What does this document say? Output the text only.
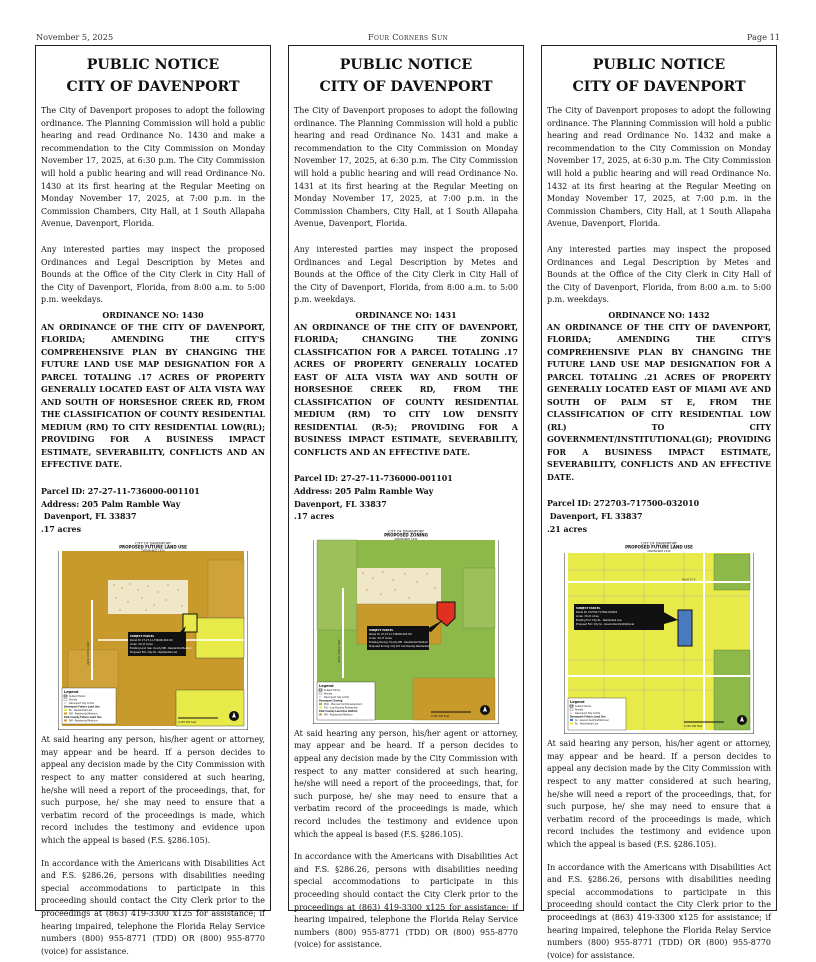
November 5, 2025	Four Corners Sun	Page 11
PUBLIC NOTICE
CITY OF DAVENPORT

The City of Davenport proposes to adopt the following ordinance. The Planning Commission will hold a public hearing and read Ordinance No. 1430 and make a recommendation to the City Commission on Monday November 17, 2025, at 6:30 p.m. The City Commission will hold a public hearing and will read Ordinance No. 1430 at its first hearing at the Regular Meeting on Monday November 17, 2025, at 7:00 p.m. in the Commission Chambers, City Hall, at 1 South Allapaha Avenue, Davenport, Florida.

Any interested parties may inspect the proposed Ordinances and Legal Description by Metes and Bounds at the Office of the City Clerk in City Hall of the City of Davenport, Florida, from 8:00 a.m. to 5:00 p.m. weekdays.

ORDINANCE NO: 1430

AN ORDINANCE OF THE CITY OF DAVENPORT, FLORIDA; AMENDING THE CITY'S COMPREHENSIVE PLAN BY CHANGING THE FUTURE LAND USE MAP DESIGNATION FOR A PARCEL TOTALING .17 ACRES OF PROPERTY GENERALLY LOCATED EAST OF ALTA VISTA WAY AND SOUTH OF HORSESHOE CREEK RD, FROM THE CLASSIFICATION OF COUNTY RESIDENTIAL MEDIUM (RM) TO CITY RESIDENTIAL LOW(RL); PROVIDING FOR A BUSINESS IMPACT ESTIMATE, SEVERABILITY, CONFLICTS AND AN EFFECTIVE DATE.

Parcel ID: 27-27-11-736000-001101
Address: 205 Palm Ramble Way
Davenport, FL 33837
.17 acres
CITY OF DAVENPORT
PROPOSED FUTURE LAND USE
ORDINANCE 1430
ALTA VISTA WAY
SUBJECT PARCEL
Parcel ID: 27-27-11-736000-001101
Acres: ±0.17 Acres
Existing Land Use: County RM - Residential Medium
Proposed FLU: City RL - Residential Low
Legend
Subject Parcel
Parcels
Davenport City Limits
Davenport Future Land Use
RL - Residential Low
RM - Residential Medium
Polk County Future Land Use
RM - Residential Medium	0 250 500 Feet

At said hearing any person, his/her agent or attorney, may appear and be heard. If a person decides to appeal any decision made by the City Commission with respect to any matter considered at such hearing, he/she will need a report of the proceedings, that, for such purpose, he/ she may need to ensure that a verbatim record of the proceedings is made, which record includes the testimony and evidence upon which the appeal is based (F.S. §286.105).

In accordance with the Americans with Disabilities Act and F.S. §286.26, persons with disabilities needing special accommodations to participate in this proceeding should contact the City Clerk prior to the proceedings at (863) 419-3300 x125 for assistance; if hearing impaired, telephone the Florida Relay Service numbers (800) 955-8771 (TDD) OR (800) 955-8770 (voice) for assistance.

PUBLIC NOTICE
CITY OF DAVENPORT

The City of Davenport proposes to adopt the following ordinance. The Planning Commission will hold a public hearing and read Ordinance No. 1431 and make a recommendation to the City Commission on Monday November 17, 2025, at 6:30 p.m. The City Commission will hold a public hearing and will read Ordinance No. 1431 at its first hearing at the Regular Meeting on Monday November 17, 2025, at 7:00 p.m. in the Commission Chambers, City Hall, at 1 South Allapaha Avenue, Davenport, Florida.

Any interested parties may inspect the proposed Ordinances and Legal Description by Metes and Bounds at the Office of the City Clerk in City Hall of the City of Davenport, Florida, from 8:00 a.m. to 5:00 p.m. weekdays.

ORDINANCE NO: 1431

AN ORDINANCE OF THE CITY OF DAVENPORT, FLORIDA; CHANGING THE ZONING CLASSIFICATION FOR A PARCEL TOTALING .17 ACRES OF PROPERTY GENERALLY LOCATED EAST OF ALTA VISTA WAY AND SOUTH OF HORSESHOE CREEK RD, FROM THE CLASSIFICATION OF COUNTY RESIDENTIAL MEDIUM (RM) TO CITY LOW DENSITY RESIDENTIAL (R-5); PROVIDING FOR A BUSINESS IMPACT ESTIMATE, SEVERABILITY, CONFLICTS AND AN EFFECTIVE DATE.

Parcel ID: 27-27-11-736000-001101
Address: 205 Palm Ramble Way
Davenport, FL 33837
.17 acres
CITY OF DAVENPORT
PROPOSED ZONING
ORDINANCE 1431
ALTA VISTA WAY
SUBJECT PARCEL
Parcel ID: 27-27-11-736000-001101
Acres: ±0.17 Acres
Existing Zoning: County RM - Residential Medium
Proposed Zoning: City R-5 Low Density Residential
Legend
Subject Parcel
Parcels
Davenport City Limits
Davenport Zoning
PUD - Planned Unit Development
R-5 - Low Density Residential
Polk County Land Use District
RM - Residential Medium	0 250 500 Feet

At said hearing any person, his/her agent or attorney, may appear and be heard. If a person decides to appeal any decision made by the City Commission with respect to any matter considered at such hearing, he/she will need a report of the proceedings, that, for such purpose, he/ she may need to ensure that a verbatim record of the proceedings is made, which record includes the testimony and evidence upon which the appeal is based (F.S. §286.105).

In accordance with the Americans with Disabilities Act and F.S. §286.26, persons with disabilities needing special accommodations to participate in this proceeding should contact the City Clerk prior to the proceedings at (863) 419-3300 x125 for assistance; if hearing impaired, telephone the Florida Relay Service numbers (800) 955-8771 (TDD) OR (800) 955-8770 (voice) for assistance.

PUBLIC NOTICE
CITY OF DAVENPORT

The City of Davenport proposes to adopt the following ordinance. The Planning Commission will hold a public hearing and read Ordinance No. 1432 and make a recommendation to the City Commission on Monday November 17, 2025, at 6:30 p.m. The City Commission will hold a public hearing and will read Ordinance No. 1432 at its first hearing at the Regular Meeting on Monday November 17, 2025, at 7:00 p.m. in the Commission Chambers, City Hall, at 1 South Allapaha Avenue, Davenport, Florida.

Any interested parties may inspect the proposed Ordinances and Legal Description by Metes and Bounds at the Office of the City Clerk in City Hall of the City of Davenport, Florida, from 8:00 a.m. to 5:00 p.m. weekdays.

ORDINANCE NO: 1432

AN ORDINANCE OF THE CITY OF DAVENPORT, FLORIDA; AMENDING THE CITY'S COMPREHENSIVE PLAN BY CHANGING THE FUTURE LAND USE MAP DESIGNATION FOR A PARCEL TOTALING .21 ACRES OF PROPERTY GENERALLY LOCATED EAST OF MIAMI AVE AND SOUTH OF PALM ST E, FROM THE CLASSIFICATION OF CITY RESIDENTIAL LOW (RL) TO CITY GOVERNMENT/INSTITUTIONAL(GI); PROVIDING FOR A BUSINESS IMPACT ESTIMATE, SEVERABILITY, CONFLICTS AND AN EFFECTIVE DATE.

Parcel ID: 272703-717500-032010
Davenport, FL 33837
.21 acres
CITY OF DAVENPORT
PROPOSED FUTURE LAND USE
ORDINANCE 1432
PALM ST E
SUBJECT PARCEL
Parcel ID: 272703-717500-032010
Acres: ±0.21 Acres
Existing FLU: City RL - Residential Low
Proposed FLU: City GI - Government/Institutional
Legend
Subject Parcel
Parcels
Davenport City Limits
Davenport Future Land Use
GI - Government/Institutional
RL - Residential Low
0 250 500 Feet

At said hearing any person, his/her agent or attorney, may appear and be heard. If a person decides to appeal any decision made by the City Commission with respect to any matter considered at such hearing, he/she will need a report of the proceedings, that, for such purpose, he/ she may need to ensure that a verbatim record of the proceedings is made, which record includes the testimony and evidence upon which the appeal is based (F.S. §286.105).

In accordance with the Americans with Disabilities Act and F.S. §286.26, persons with disabilities needing special accommodations to participate in this proceeding should contact the City Clerk prior to the proceedings at (863) 419-3300 x125 for assistance; if hearing impaired, telephone the Florida Relay Service numbers (800) 955-8771 (TDD) OR (800) 955-8770 (voice) for assistance.
